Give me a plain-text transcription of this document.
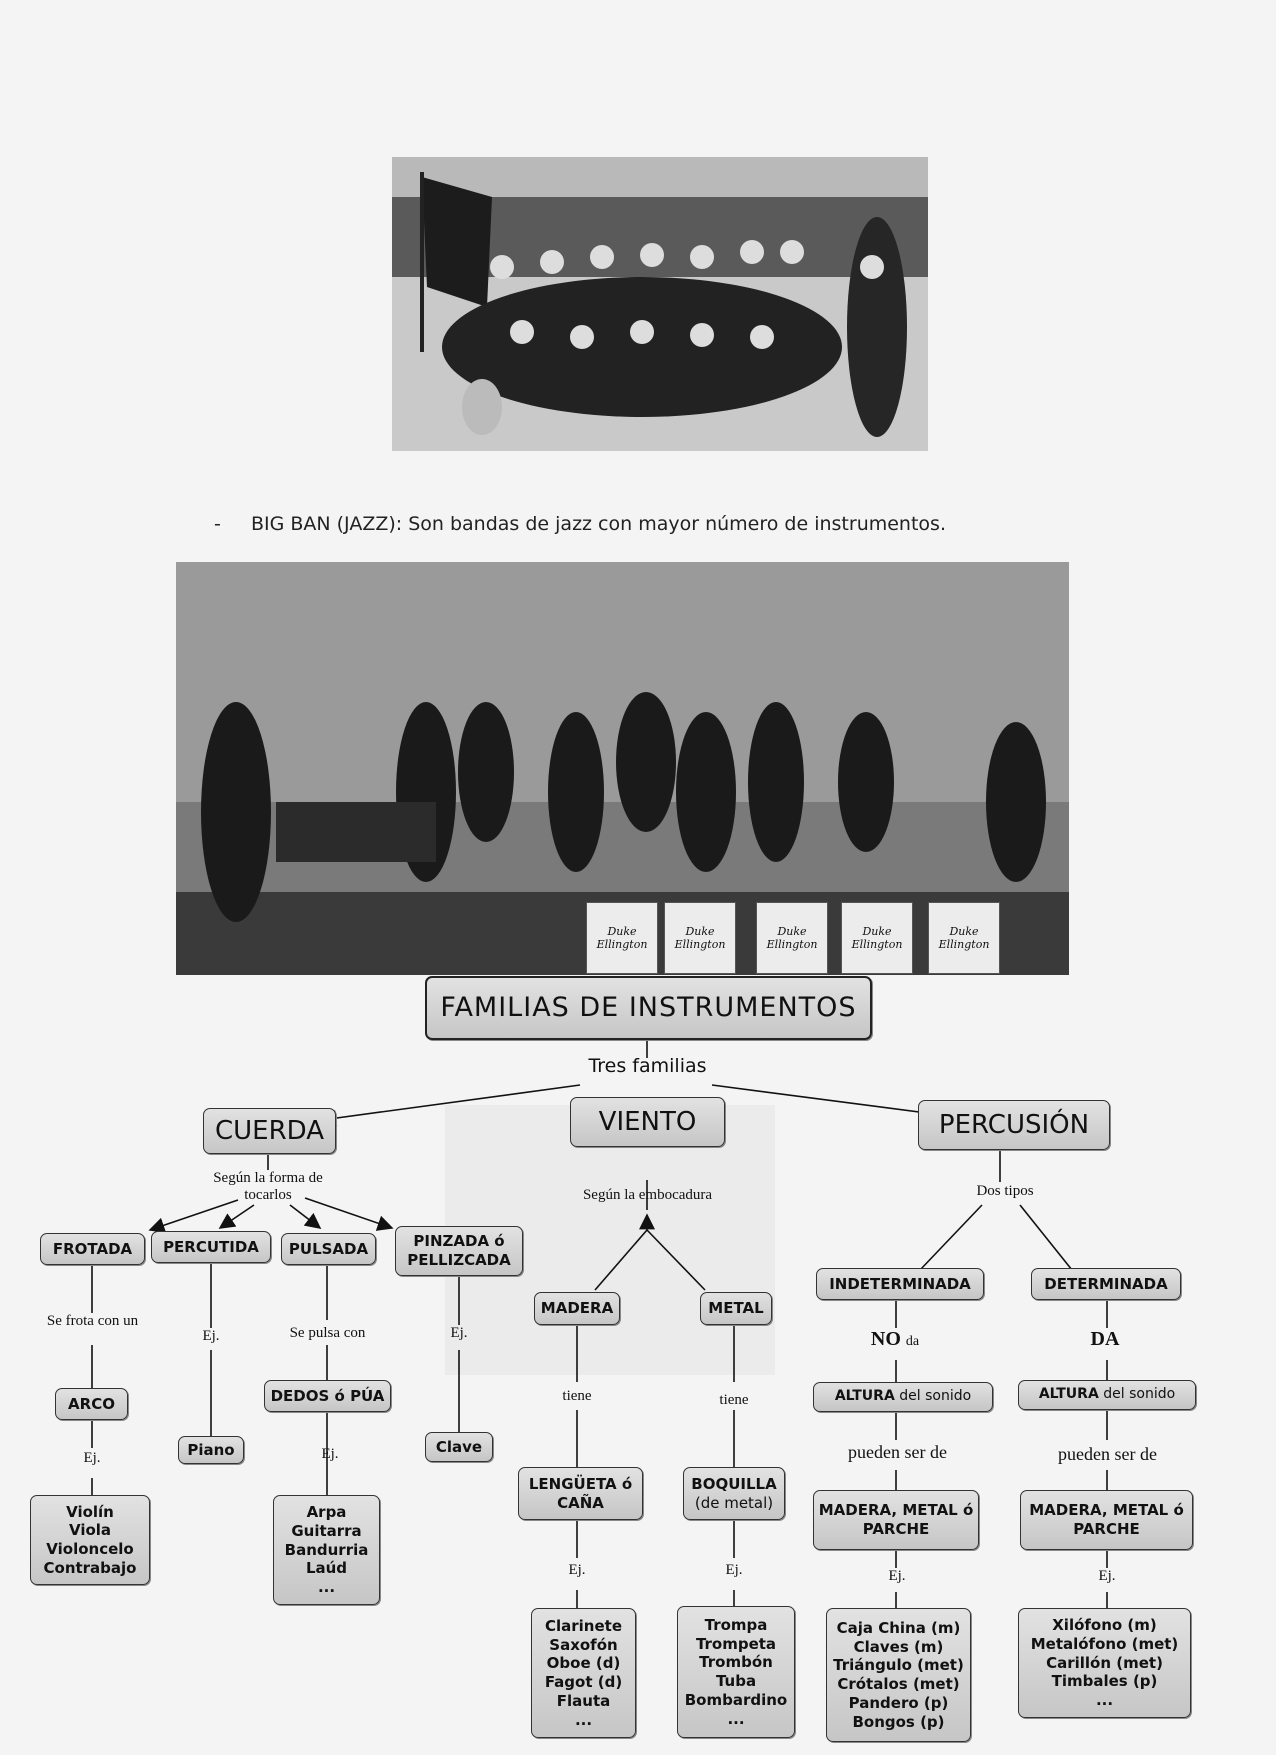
- BIG BAN (JAZZ): Son bandas de jazz con mayor número de instrumentos.
Duke Ellington
Duke Ellington
Duke Ellington
Duke Ellington
Duke Ellington
FAMILIAS DE INSTRUMENTOS
Tres familias
CUERDA	VIENTO	PERCUSIÓN
Según la forma de tocarlos
FROTADA	PERCUTIDA	PULSADA	PINZADA ó PELLIZCADA
Se frota con un
ARCO
Ej.
Violín
Viola
Violoncelo
Contrabajo
Ej.
Piano
Se pulsa con
DEDOS ó PÚA
Ej.
Arpa
Guitarra
Bandurria
Laúd
...
Ej.
Clave
Según la embocadura
MADERA	METAL
tiene	tiene
LENGÜETA ó CAÑA
BOQUILLA
(de metal)
Ej.	Ej.
Clarinete
Saxofón
Oboe (d)
Fagot (d)
Flauta
...
Trompa
Trompeta
Trombón
Tuba
Bombardino
...
Dos tipos
INDETERMINADA	DETERMINADA
NO da	DA
ALTURA del sonido	ALTURA del sonido
pueden ser de	pueden ser de
MADERA, METAL ó PARCHE
MADERA, METAL ó PARCHE
Ej.	Ej.
Caja China (m)
Claves (m)
Triángulo (met)
Crótalos (met)
Pandero (p)
Bongos (p)
Xilófono (m)
Metalófono (met)
Carillón (met)
Timbales (p)
...
